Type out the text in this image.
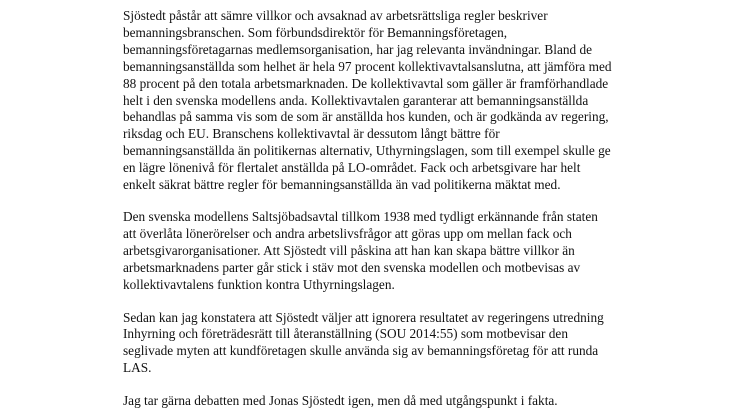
Sjöstedt påstår att sämre villkor och avsaknad av arbetsrättsliga regler beskriver bemanningsbranschen. Som förbundsdirektör för Bemanningsföretagen, bemanningsföretagarnas medlemsorganisation, har jag relevanta invändningar. Bland de bemanningsanställda som helhet är hela 97 procent kollektivavtalsanslutna, att jämföra med 88 procent på den totala arbetsmarknaden. De kollektivavtal som gäller är framförhandlade helt i den svenska modellens anda. Kollektivavtalen garanterar att bemanningsanställda behandlas på samma vis som de som är anställda hos kunden, och är godkända av regering, riksdag och EU. Branschens kollektivavtal är dessutom långt bättre för bemanningsanställda än politikernas alternativ, Uthyrningslagen, som till exempel skulle ge en lägre lönenivå för flertalet anställda på LO-området. Fack och arbetsgivare har helt enkelt säkrat bättre regler för bemanningsanställda än vad politikerna mäktat med.

Den svenska modellens Saltsjöbadsavtal tillkom 1938 med tydligt erkännande från staten att överlåta lönerörelser och andra arbetslivsfrågor att göras upp om mellan fack och arbetsgivarorganisationer. Att Sjöstedt vill påskina att han kan skapa bättre villkor än arbetsmarknadens parter går stick i stäv mot den svenska modellen och motbevisas av kollektivavtalens funktion kontra Uthyrningslagen.

Sedan kan jag konstatera att Sjöstedt väljer att ignorera resultatet av regeringens utredning Inhyrning och företrädesrätt till återanställning (SOU 2014:55) som motbevisar den seglivade myten att kundföretagen skulle använda sig av bemanningsföretag för att runda LAS.

Jag tar gärna debatten med Jonas Sjöstedt igen, men då med utgångspunkt i fakta.
